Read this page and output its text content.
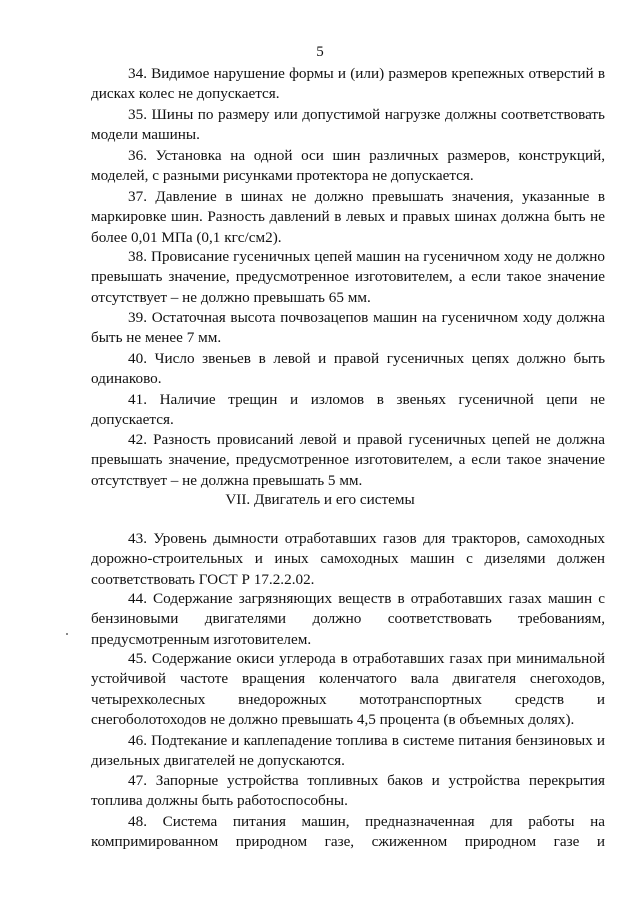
5
34. Видимое нарушение формы и (или) размеров крепежных отверстий в дисках колес не допускается.
35. Шины по размеру или допустимой нагрузке должны соответствовать модели машины.
36. Установка на одной оси шин различных размеров, конструкций, моделей, с разными рисунками протектора не допускается.
37. Давление в шинах не должно превышать значения, указанные в маркировке шин. Разность давлений в левых и правых шинах должна быть не более 0,01 МПа (0,1 кгс/см2).
38. Провисание гусеничных цепей машин на гусеничном ходу не должно превышать значение, предусмотренное изготовителем, а если такое значение отсутствует – не должно превышать 65 мм.
39. Остаточная высота почвозацепов машин на гусеничном ходу должна быть не менее 7 мм.
40. Число звеньев в левой и правой гусеничных цепях должно быть одинаково.
41. Наличие трещин и изломов в звеньях гусеничной цепи не допускается.
42. Разность провисаний левой и правой гусеничных цепей не должна превышать значение, предусмотренное изготовителем, а если такое значение отсутствует – не должна превышать 5 мм.
VII. Двигатель и его системы
43. Уровень дымности отработавших газов для тракторов, самоходных дорожно-строительных и иных самоходных машин с дизелями должен соответствовать ГОСТ Р 17.2.2.02.
44. Содержание загрязняющих веществ в отработавших газах машин с бензиновыми двигателями должно соответствовать требованиям, предусмотренным изготовителем.
45. Содержание окиси углерода в отработавших газах при минимальной устойчивой частоте вращения коленчатого вала двигателя снегоходов, четырехколесных внедорожных мототранспортных средств и снегоболотоходов не должно превышать 4,5 процента (в объемных долях).
46. Подтекание и каплепадение топлива в системе питания бензиновых и дизельных двигателей не допускаются.
47. Запорные устройства топливных баков и устройства перекрытия топлива должны быть работоспособны.
48. Система питания машин, предназначенная для работы на компримированном природном газе, сжиженном природном газе и
